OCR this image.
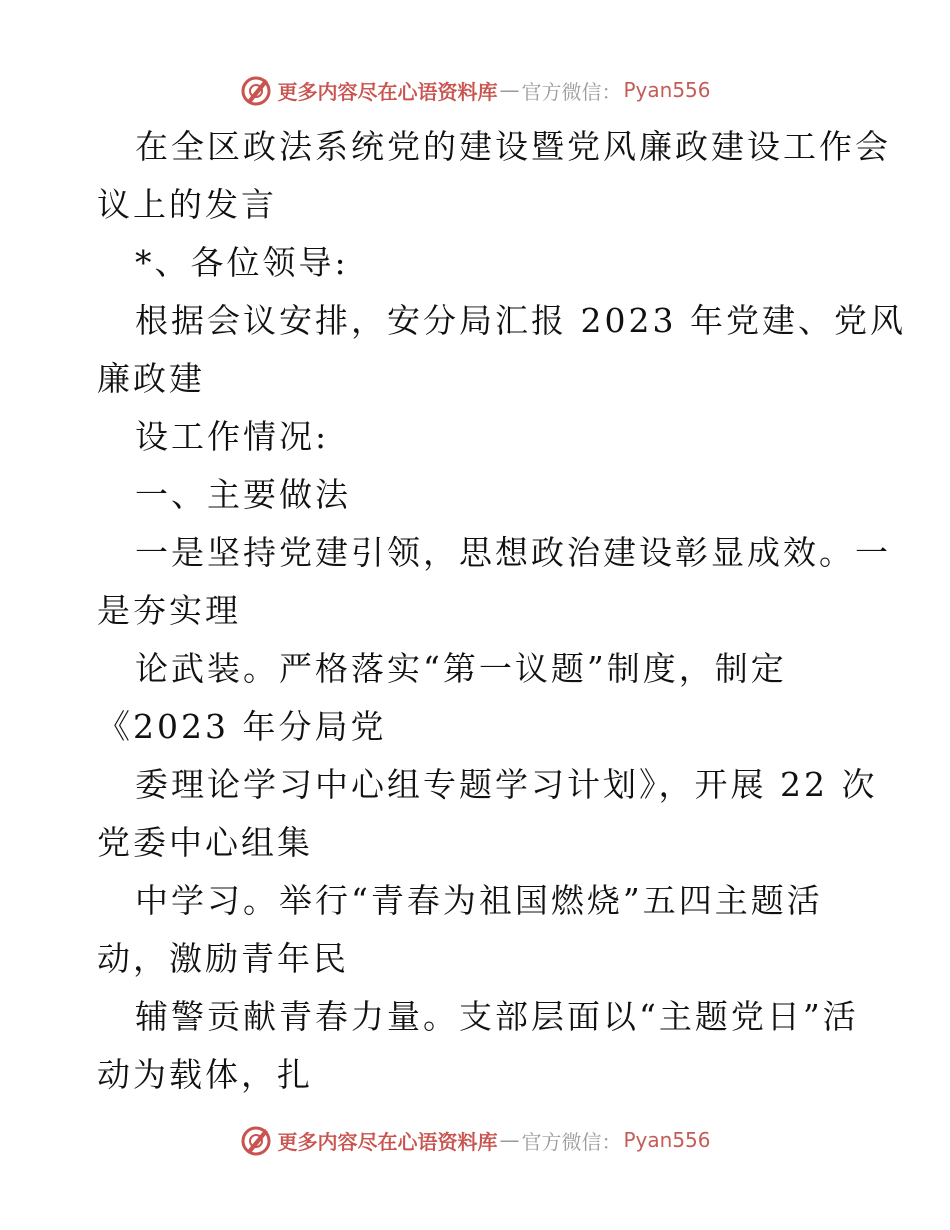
更多内容尽在心语资料库 — 官方微信： Pyan556
在全区政法系统党的建设暨党风廉政建设工作会
议上的发言
*、各位领导:
根据会议安排，安分局汇报 2023 年党建、党风
廉政建
设工作情况:
一、主要做法
一是坚持党建引领，思想政治建设彰显成效。一
是夯实理
论武装。严格落实“第一议题”制度，制定
《2023 年分局党
委理论学习中心组专题学习计划》，开展 22 次
党委中心组集
中学习。举行“青春为祖国燃烧”五四主题活
动，激励青年民
辅警贡献青春力量。支部层面以“主题党日”活
动为载体，扎
更多内容尽在心语资料库 — 官方微信： Pyan556
